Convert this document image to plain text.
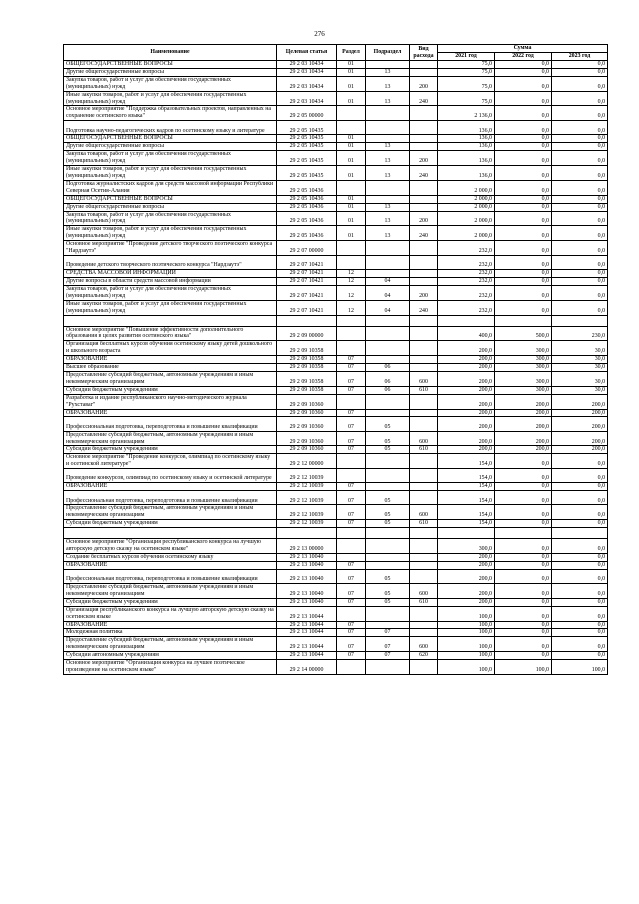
276
Наименование	Целевая статья	Раздел	Подраздел	Вид расхода	Сумма		
					2021 год	2022 год	2023 год
ОБЩЕГОСУДАРСТВЕННЫЕ ВОПРОСЫ	29 2 03 10434	01			75,0	0,0	0,0
Другие общегосударственные вопросы	29 2 03 10434	01	13		75,0	0,0	0,0
Закупка товаров, работ и услуг для обеспечения государственных (муниципальных) нужд	29 2 03 10434	01	13	200	75,0	0,0	0,0
Иные закупки товаров, работ и услуг для обеспечения государственных (муниципальных) нужд	29 2 03 10434	01	13	240	75,0	0,0	0,0
Основное мероприятие "Поддержка образовательных проектов, направленных на сохранение осетинского языка"	29 2 05 00000				2 136,0	0,0	0,0
Подготовка научно-педагогических кадров по осетинскому языку и литературе	29 2 05 10435				136,0	0,0	0,0
ОБЩЕГОСУДАРСТВЕННЫЕ ВОПРОСЫ	29 2 05 10435	01			136,0	0,0	0,0
Другие общегосударственные вопросы	29 2 05 10435	01	13		136,0	0,0	0,0
Закупка товаров, работ и услуг для обеспечения государственных (муниципальных) нужд	29 2 05 10435	01	13	200	136,0	0,0	0,0
Иные закупки товаров, работ и услуг для обеспечения государственных (муниципальных) нужд	29 2 05 10435	01	13	240	136,0	0,0	0,0
Подготовка журналистских кадров для средств массовой информации Республики Северная Осетия-Алания	29 2 05 10436				2 000,0	0,0	0,0
ОБЩЕГОСУДАРСТВЕННЫЕ ВОПРОСЫ	29 2 05 10436	01			2 000,0	0,0	0,0
Другие общегосударственные вопросы	29 2 05 10436	01	13		2 000,0	0,0	0,0
Закупка товаров, работ и услуг для обеспечения государственных (муниципальных) нужд	29 2 05 10436	01	13	200	2 000,0	0,0	0,0
Иные закупки товаров, работ и услуг для обеспечения государственных (муниципальных) нужд	29 2 05 10436	01	13	240	2 000,0	0,0	0,0
Основное мероприятие "Проведение детского творческого поэтического конкурса "Нардзаутэ"	29 2 07 00000				232,0	0,0	0,0
Проведение детского творческого поэтического конкурса "Нардзаутэ"	29 2 07 10421				232,0	0,0	0,0
СРЕДСТВА МАССОВОЙ ИНФОРМАЦИИ	29 2 07 10421	12			232,0	0,0	0,0
Другие вопросы в области средств массовой информации	29 2 07 10421	12	04		232,0	0,0	0,0
Закупка товаров, работ и услуг для обеспечения государственных (муниципальных) нужд	29 2 07 10421	12	04	200	232,0	0,0	0,0
Иные закупки товаров, работ и услуг для обеспечения государственных (муниципальных) нужд	29 2 07 10421	12	04	240	232,0	0,0	0,0

Основное мероприятие "Повышение эффективности дополнительного образования в целях развития осетинского языка"	29 2 09 00000				400,0	500,0	230,0
Организация бесплатных курсов обучения осетинскому языку детей дошкольного и школьного возраста	29 2 09 10358				200,0	300,0	30,0
ОБРАЗОВАНИЕ	29 2 09 10358	07			200,0	300,0	30,0
Высшее образование	29 2 09 10358	07	06		200,0	300,0	30,0
Предоставление субсидий бюджетным, автономным учреждениям и иным некоммерческим организациям	29 2 09 10358	07	06	600	200,0	300,0	30,0
Субсидии бюджетным учреждениям	29 2 09 10358	07	06	610	200,0	300,0	30,0
Разработка и издание республиканского научно-методического журнала "Рухставаг"	29 2 09 10360				200,0	200,0	200,0
ОБРАЗОВАНИЕ	29 2 09 10360	07			200,0	200,0	200,0
Профессиональная подготовка, переподготовка и повышение квалификации	29 2 09 10360	07	05		200,0	200,0	200,0
Предоставление субсидий бюджетным, автономным учреждениям и иным некоммерческим организациям	29 2 09 10360	07	05	600	200,0	200,0	200,0
Субсидии бюджетным учреждениям	29 2 09 10360	07	05	610	200,0	200,0	200,0
Основное мероприятие "Проведение конкурсов, олимпиад по осетинскому языку и осетинской литературе"	29 2 12 00000				154,0	0,0	0,0
Проведение конкурсов, олимпиад по осетинскому языку и осетинской литературе	29 2 12 10039				154,0	0,0	0,0
ОБРАЗОВАНИЕ	29 2 12 10039	07			154,0	0,0	0,0
Профессиональная подготовка, переподготовка и повышение квалификации	29 2 12 10039	07	05		154,0	0,0	0,0
Предоставление субсидий бюджетным, автономным учреждениям и иным некоммерческим организациям	29 2 12 10039	07	05	600	154,0	0,0	0,0
Субсидии бюджетным учреждениям	29 2 12 10039	07	05	610	154,0	0,0	0,0

Основное мероприятие "Организация республиканского конкурса на лучшую авторскую детскую сказку на осетинском языке"	29 2 13 00000				300,0	0,0	0,0
Создание бесплатных курсов обучения осетинскому языку	29 2 13 10040				200,0	0,0	0,0
ОБРАЗОВАНИЕ	29 2 13 10040	07			200,0	0,0	0,0
Профессиональная подготовка, переподготовка и повышение квалификации	29 2 13 10040	07	05		200,0	0,0	0,0
Предоставление субсидий бюджетным, автономным учреждениям и иным некоммерческим организациям	29 2 13 10040	07	05	600	200,0	0,0	0,0
Субсидии бюджетным учреждениям	29 2 13 10040	07	05	610	200,0	0,0	0,0
Организация республиканского конкурса на лучшую авторскую детскую сказку на осетинском языке	29 2 13 10044				100,0	0,0	0,0
ОБРАЗОВАНИЕ	29 2 13 10044	07			100,0	0,0	0,0
Молодежная политика	29 2 13 10044	07	07		100,0	0,0	0,0
Предоставление субсидий бюджетным, автономным учреждениям и иным некоммерческим организациям	29 2 13 10044	07	07	600	100,0	0,0	0,0
Субсидии автономным учреждениям	29 2 13 10044	07	07	620	100,0	0,0	0,0
Основное мероприятие "Организация конкурса на лучшее поэтическое произведение на осетинском языке"	29 2 14 00000				100,0	100,0	100,0
